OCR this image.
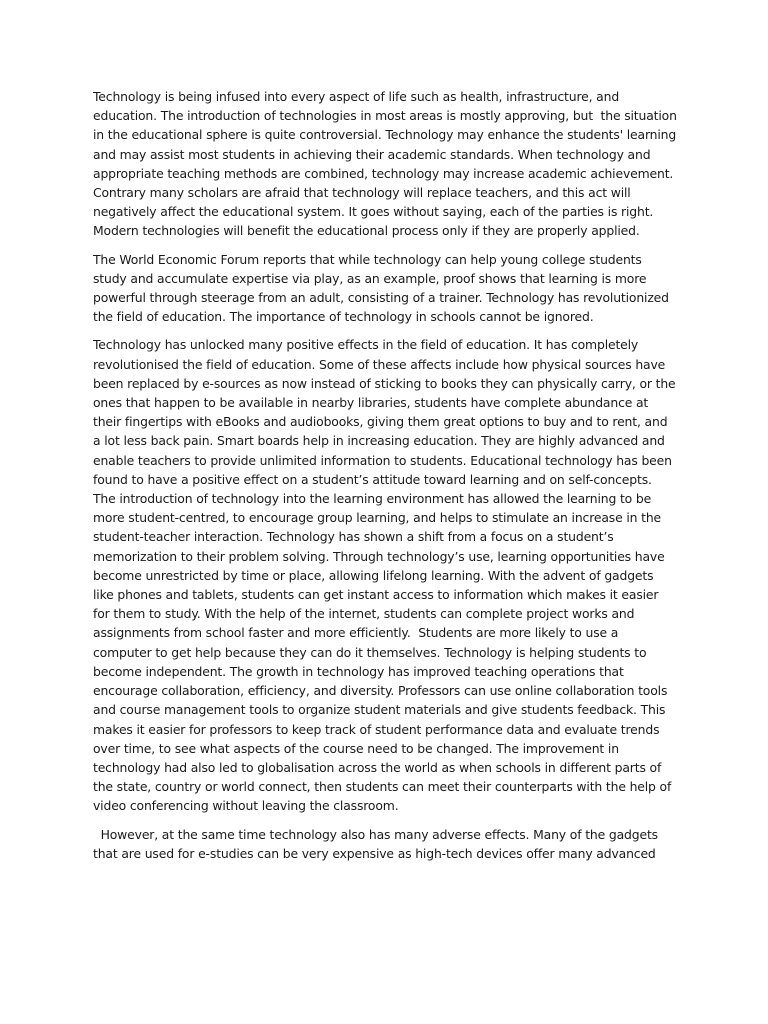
Technology is being infused into every aspect of life such as health, infrastructure, and education. The introduction of technologies in most areas is mostly approving, but  the situation in the educational sphere is quite controversial. Technology may enhance the students' learning and may assist most students in achieving their academic standards. When technology and appropriate teaching methods are combined, technology may increase academic achievement. Contrary many scholars are afraid that technology will replace teachers, and this act will negatively affect the educational system. It goes without saying, each of the parties is right. Modern technologies will benefit the educational process only if they are properly applied.

The World Economic Forum reports that while technology can help young college students study and accumulate expertise via play, as an example, proof shows that learning is more powerful through steerage from an adult, consisting of a trainer. Technology has revolutionized the field of education. The importance of technology in schools cannot be ignored.

Technology has unlocked many positive effects in the field of education. It has completely revolutionised the field of education. Some of these affects include how physical sources have been replaced by e-sources as now instead of sticking to books they can physically carry, or the ones that happen to be available in nearby libraries, students have complete abundance at their fingertips with eBooks and audiobooks, giving them great options to buy and to rent, and a lot less back pain. Smart boards help in increasing education. They are highly advanced and enable teachers to provide unlimited information to students. Educational technology has been found to have a positive effect on a student’s attitude toward learning and on self-concepts. The introduction of technology into the learning environment has allowed the learning to be more student-centred, to encourage group learning, and helps to stimulate an increase in the student-teacher interaction. Technology has shown a shift from a focus on a student’s memorization to their problem solving. Through technology’s use, learning opportunities have become unrestricted by time or place, allowing lifelong learning. With the advent of gadgets like phones and tablets, students can get instant access to information which makes it easier for them to study. With the help of the internet, students can complete project works and assignments from school faster and more efficiently.  Students are more likely to use a computer to get help because they can do it themselves. Technology is helping students to become independent. The growth in technology has improved teaching operations that encourage collaboration, efficiency, and diversity. Professors can use online collaboration tools and course management tools to organize student materials and give students feedback. This makes it easier for professors to keep track of student performance data and evaluate trends over time, to see what aspects of the course need to be changed. The improvement in technology had also led to globalisation across the world as when schools in different parts of the state, country or world connect, then students can meet their counterparts with the help of video conferencing without leaving the classroom.

However, at the same time technology also has many adverse effects. Many of the gadgets that are used for e-studies can be very expensive as high-tech devices offer many advanced
